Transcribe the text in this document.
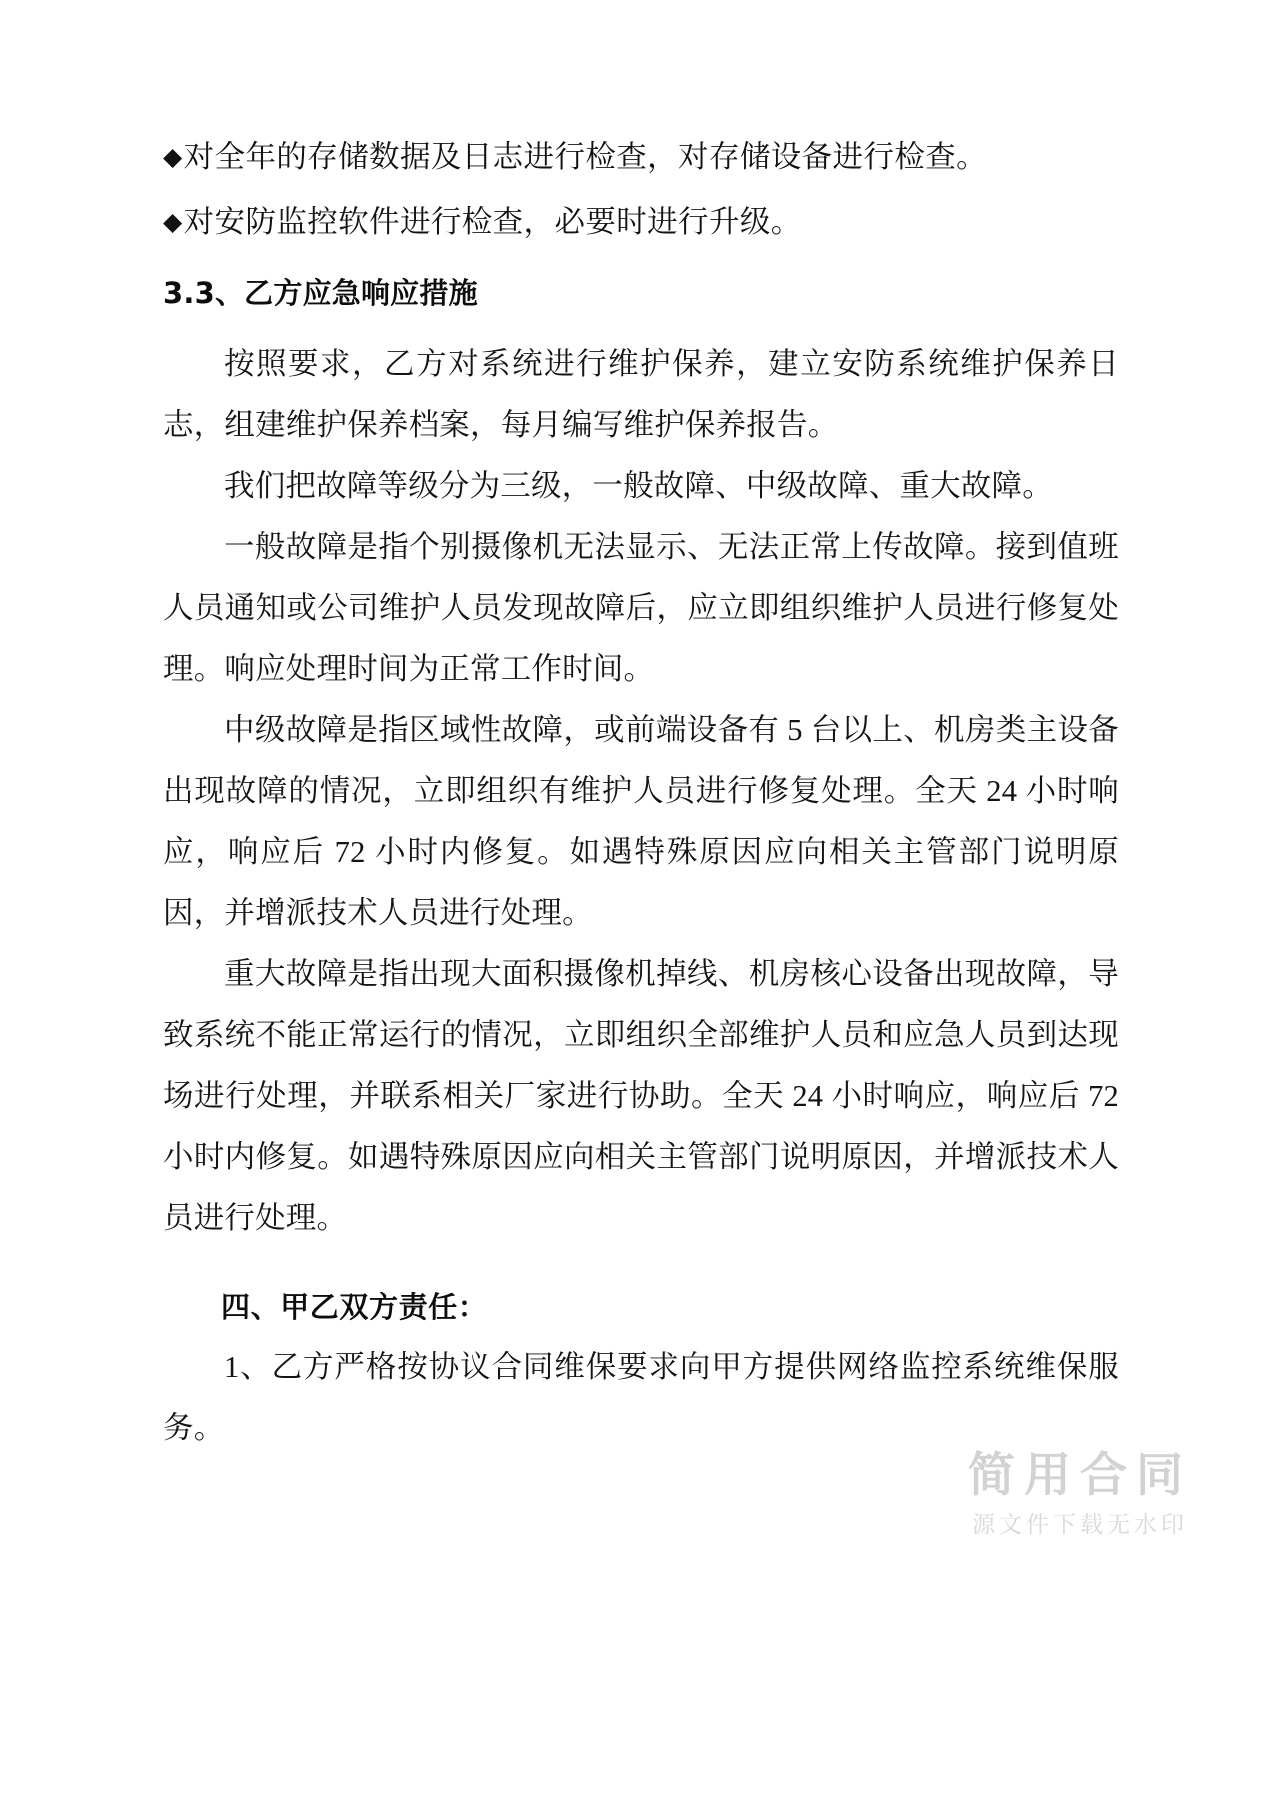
◆对全年的存储数据及日志进行检查，对存储设备进行检查。
◆对安防监控软件进行检查，必要时进行升级。
3.3、乙方应急响应措施

按照要求，乙方对系统进行维护保养，建立安防系统维护保养日志，组建维护保养档案，每月编写维护保养报告。

我们把故障等级分为三级，一般故障、中级故障、重大故障。

一般故障是指个别摄像机无法显示、无法正常上传故障。接到值班人员通知或公司维护人员发现故障后，应立即组织维护人员进行修复处理。响应处理时间为正常工作时间。

中级故障是指区域性故障，或前端设备有 5 台以上、机房类主设备出现故障的情况，立即组织有维护人员进行修复处理。全天 24 小时响应，响应后 72 小时内修复。如遇特殊原因应向相关主管部门说明原因，并增派技术人员进行处理。

重大故障是指出现大面积摄像机掉线、机房核心设备出现故障，导致系统不能正常运行的情况，立即组织全部维护人员和应急人员到达现场进行处理，并联系相关厂家进行协助。全天 24 小时响应，响应后 72 小时内修复。如遇特殊原因应向相关主管部门说明原因，并增派技术人员进行处理。

四、甲乙双方责任：

1、乙方严格按协议合同维保要求向甲方提供网络监控系统维保服务。

简用合同
源文件下载无水印
